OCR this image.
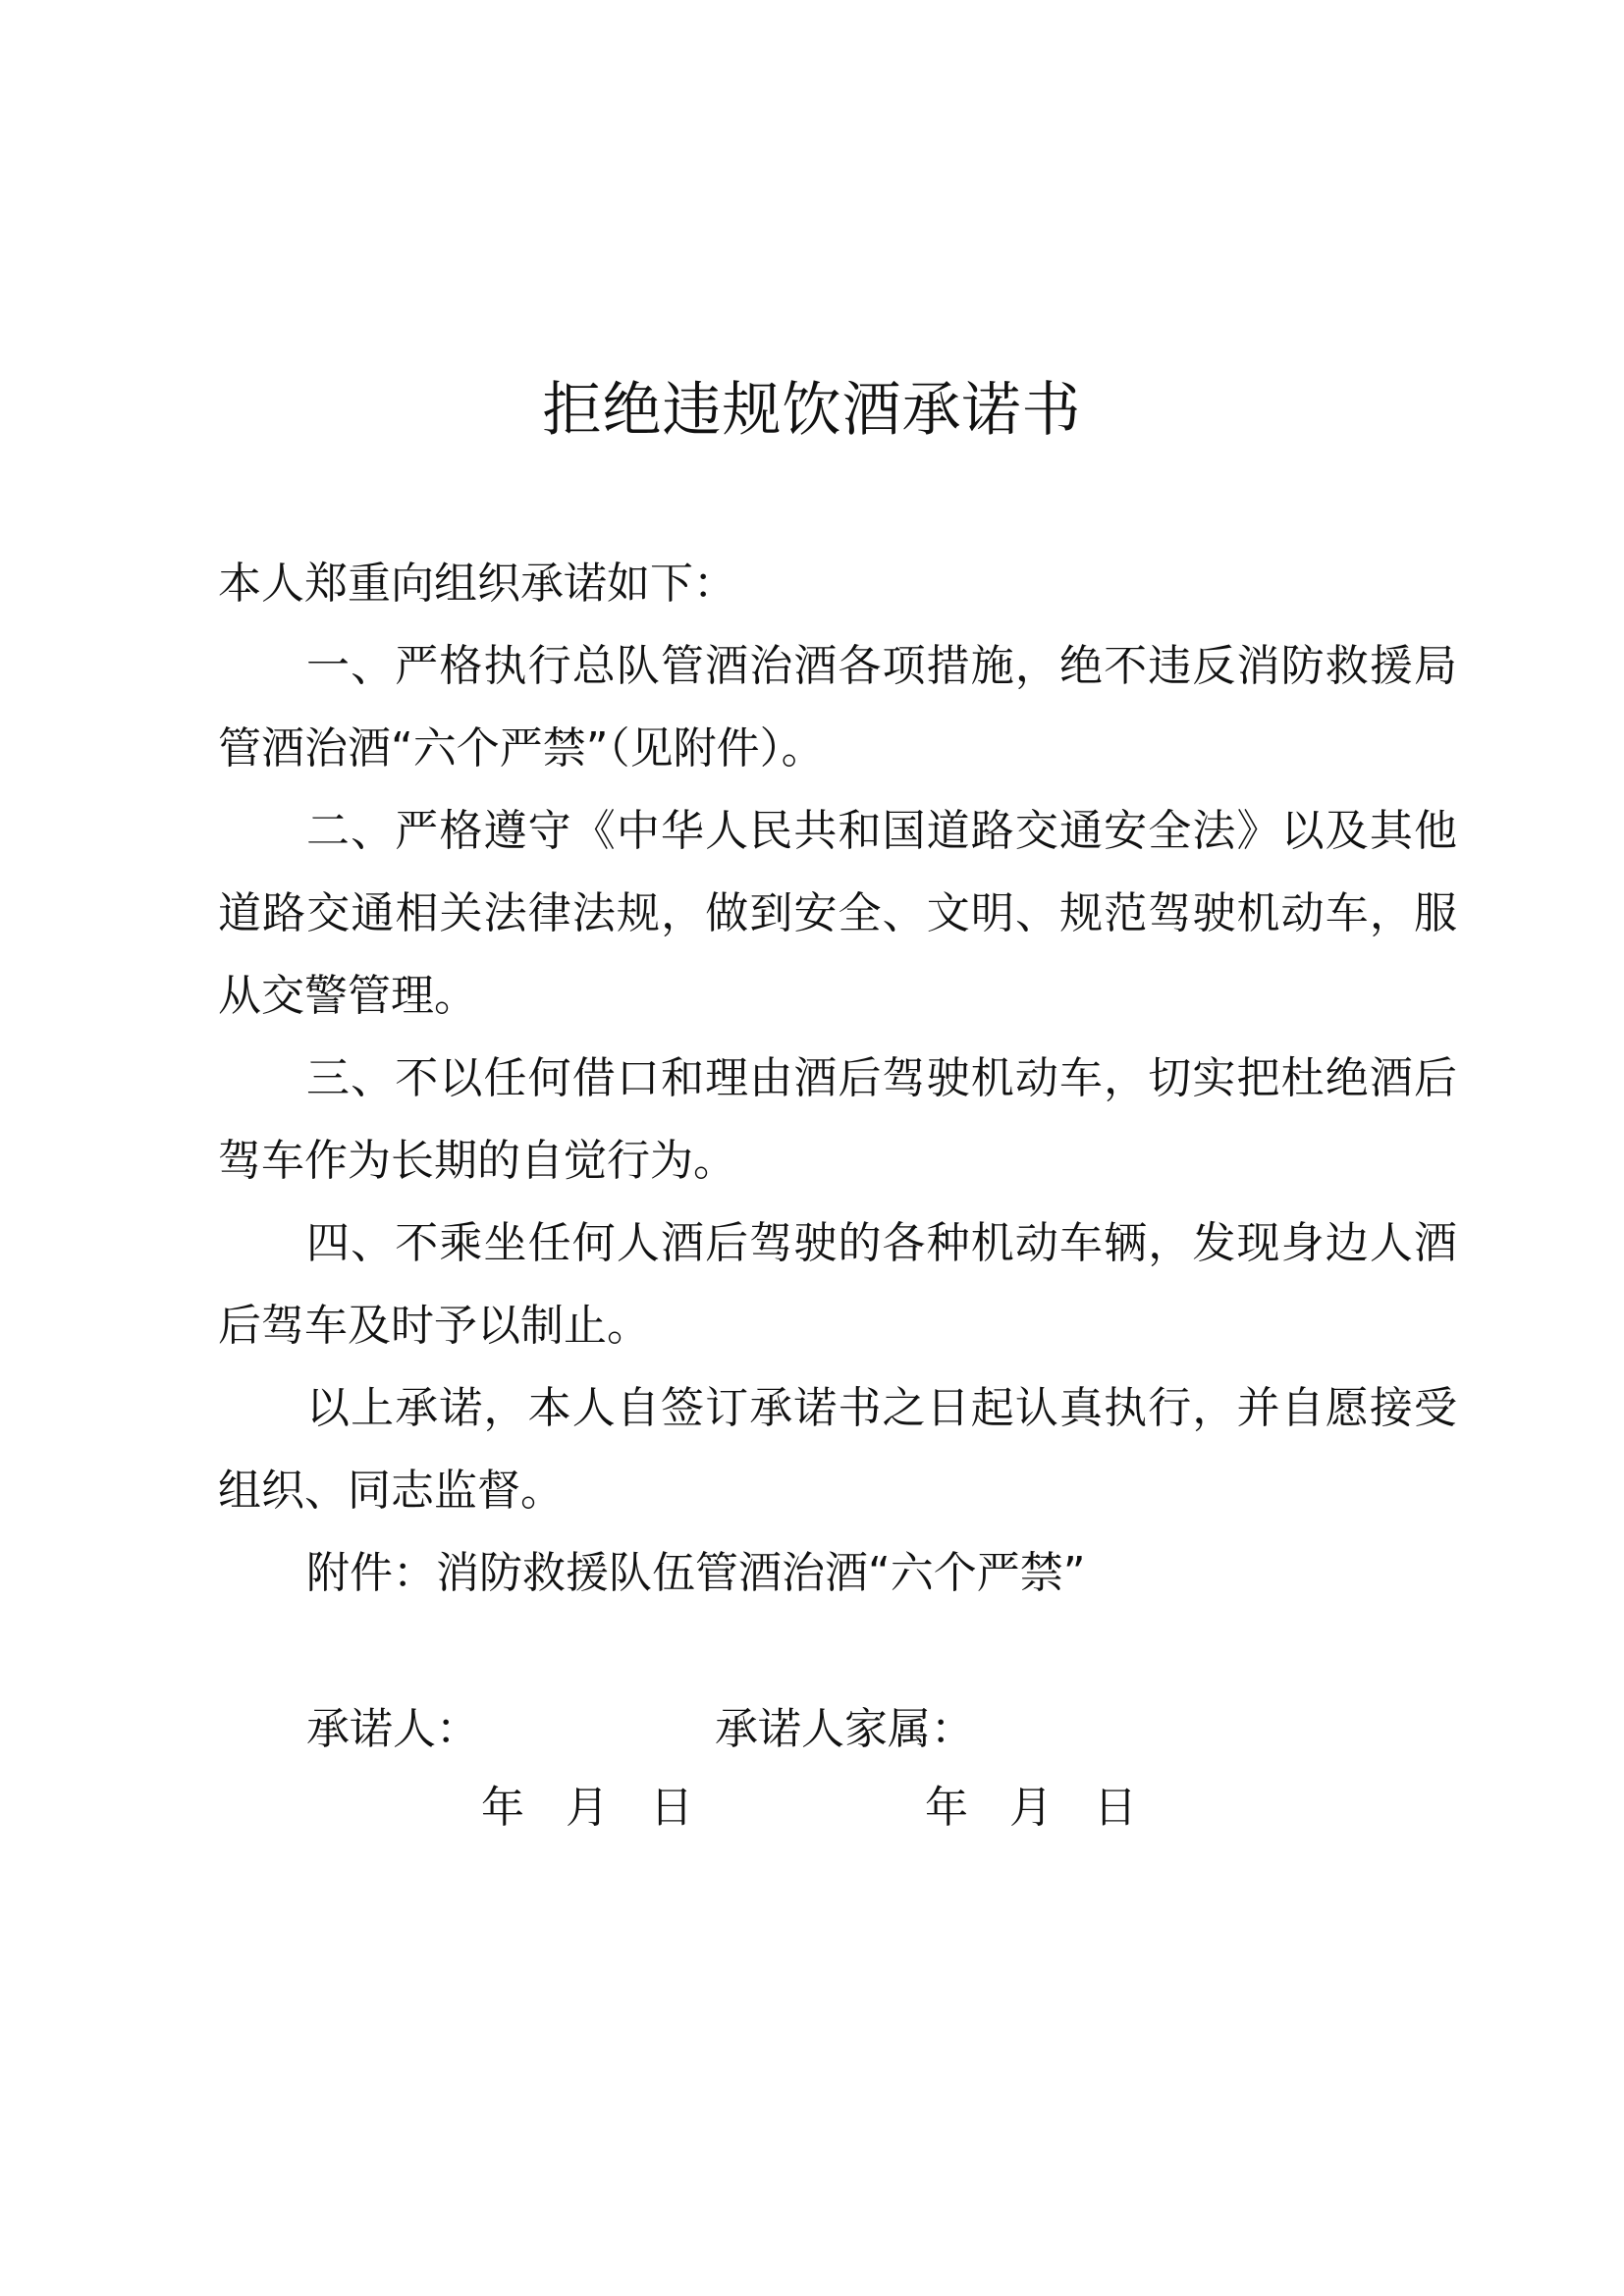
拒绝违规饮酒承诺书

本人郑重向组织承诺如下：

一、严格执行总队管酒治酒各项措施，绝不违反消防救援局管酒治酒“六个严禁”（见附件）。

二、严格遵守《中华人民共和国道路交通安全法》以及其他道路交通相关法律法规，做到安全、文明、规范驾驶机动车，服从交警管理。

三、不以任何借口和理由酒后驾驶机动车，切实把杜绝酒后驾车作为长期的自觉行为。

四、不乘坐任何人酒后驾驶的各种机动车辆，发现身边人酒后驾车及时予以制止。

以上承诺，本人自签订承诺书之日起认真执行，并自愿接受组织、同志监督。

附件：消防救援队伍管酒治酒“六个严禁”

承诺人：	承诺人家属：
年 月 日	年 月 日
